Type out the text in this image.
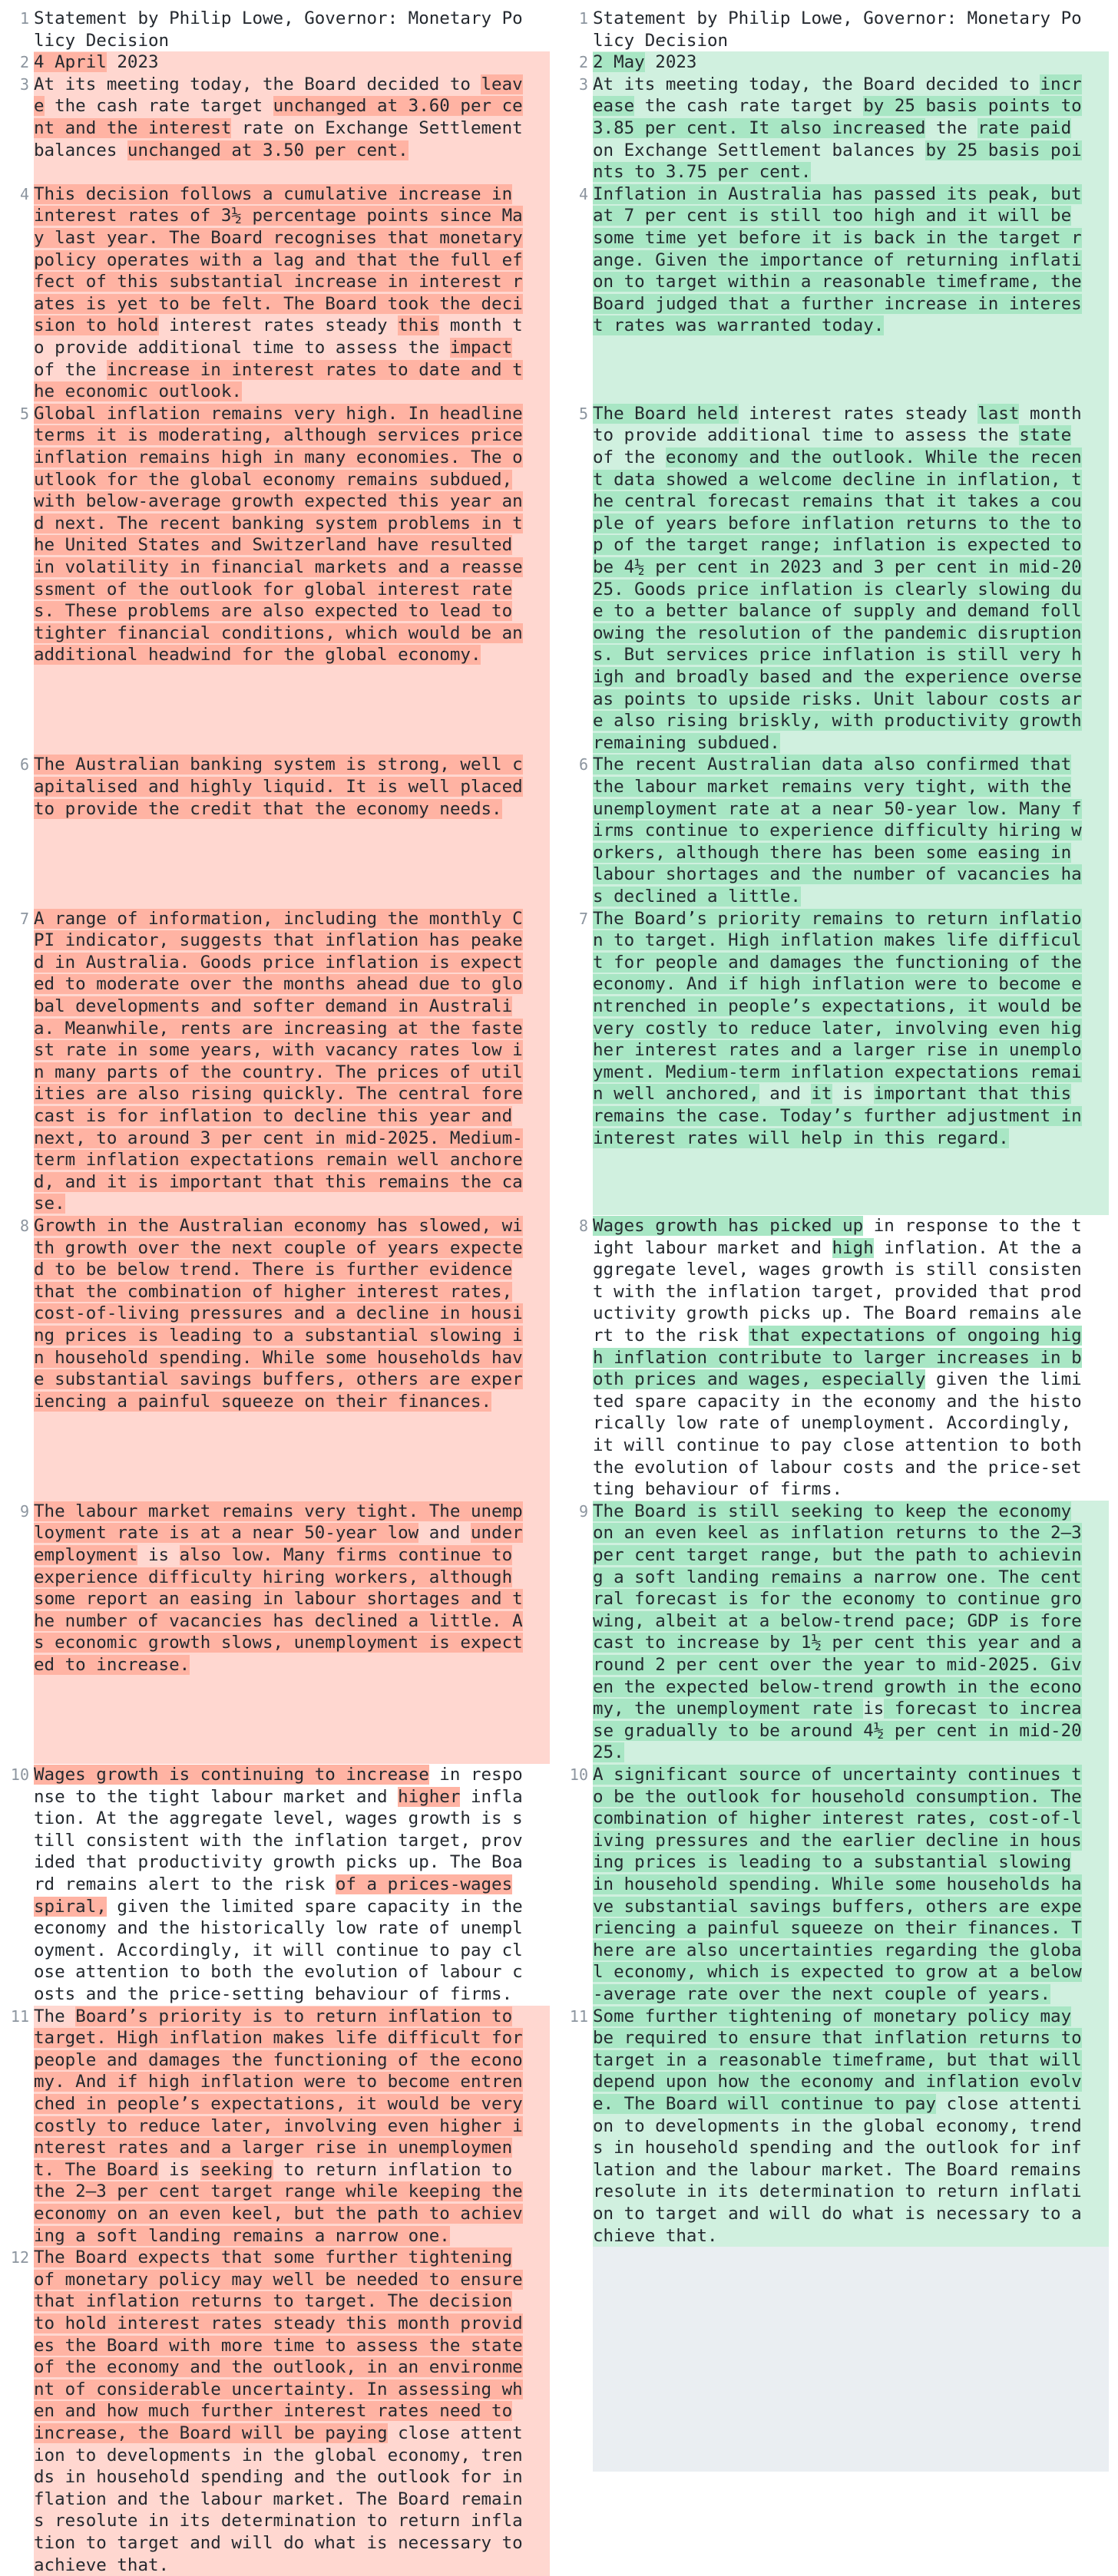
1 Statement by Philip Lowe, Governor: Monetary Po
licy Decision
2 4 April 2023
3 At its meeting today, the Board decided to leav
e the cash rate target unchanged at 3.60 per ce
nt and the interest rate on Exchange Settlement
balances unchanged at 3.50 per cent.
4 This decision follows a cumulative increase in
interest rates of 3½ percentage points since Ma
y last year. The Board recognises that monetary
policy operates with a lag and that the full ef
fect of this substantial increase in interest r
ates is yet to be felt. The Board took the deci
sion to hold interest rates steady this month t
o provide additional time to assess the impact
of the increase in interest rates to date and t
he economic outlook.
5 Global inflation remains very high. In headline
terms it is moderating, although services price
inflation remains high in many economies. The o
utlook for the global economy remains subdued,
with below-average growth expected this year an
d next. The recent banking system problems in t
he United States and Switzerland have resulted
in volatility in financial markets and a reasse
ssment of the outlook for global interest rate
s. These problems are also expected to lead to
tighter financial conditions, which would be an
additional headwind for the global economy.
6 The Australian banking system is strong, well c
apitalised and highly liquid. It is well placed
to provide the credit that the economy needs.
7 A range of information, including the monthly C
PI indicator, suggests that inflation has peake
d in Australia. Goods price inflation is expect
ed to moderate over the months ahead due to glo
bal developments and softer demand in Australi
a. Meanwhile, rents are increasing at the faste
st rate in some years, with vacancy rates low i
n many parts of the country. The prices of util
ities are also rising quickly. The central fore
cast is for inflation to decline this year and
next, to around 3 per cent in mid-2025. Medium-
term inflation expectations remain well anchore
d, and it is important that this remains the ca
se.
8 Growth in the Australian economy has slowed, wi
th growth over the next couple of years expecte
d to be below trend. There is further evidence
that the combination of higher interest rates,
cost-of-living pressures and a decline in housi
ng prices is leading to a substantial slowing i
n household spending. While some households hav
e substantial savings buffers, others are exper
iencing a painful squeeze on their finances.
9 The labour market remains very tight. The unemp
loyment rate is at a near 50-year low and under
employment is also low. Many firms continue to
experience difficulty hiring workers, although
some report an easing in labour shortages and t
he number of vacancies has declined a little. A
s economic growth slows, unemployment is expect
ed to increase.
10 Wages growth is continuing to increase in respo
nse to the tight labour market and higher infla
tion. At the aggregate level, wages growth is s
till consistent with the inflation target, prov
ided that productivity growth picks up. The Boa
rd remains alert to the risk of a prices-wages
spiral, given the limited spare capacity in the
economy and the historically low rate of unempl
oyment. Accordingly, it will continue to pay cl
ose attention to both the evolution of labour c
osts and the price-setting behaviour of firms.
11 The Board’s priority is to return inflation to
target. High inflation makes life difficult for
people and damages the functioning of the econo
my. And if high inflation were to become entren
ched in people’s expectations, it would be very
costly to reduce later, involving even higher i
nterest rates and a larger rise in unemploymen
t. The Board is seeking to return inflation to
the 2–3 per cent target range while keeping the
economy on an even keel, but the path to achiev
ing a soft landing remains a narrow one.
12 The Board expects that some further tightening
of monetary policy may well be needed to ensure
that inflation returns to target. The decision
to hold interest rates steady this month provid
es the Board with more time to assess the state
of the economy and the outlook, in an environme
nt of considerable uncertainty. In assessing wh
en and how much further interest rates need to
increase, the Board will be paying close attent
ion to developments in the global economy, tren
ds in household spending and the outlook for in
flation and the labour market. The Board remain
s resolute in its determination to return infla
tion to target and will do what is necessary to
achieve that.
1 Statement by Philip Lowe, Governor: Monetary Po
licy Decision
2 2 May 2023
3 At its meeting today, the Board decided to incr
ease the cash rate target by 25 basis points to
3.85 per cent. It also increased the rate paid
on Exchange Settlement balances by 25 basis poi
nts to 3.75 per cent.
4 Inflation in Australia has passed its peak, but
at 7 per cent is still too high and it will be
some time yet before it is back in the target r
ange. Given the importance of returning inflati
on to target within a reasonable timeframe, the
Board judged that a further increase in interes
t rates was warranted today.
5 The Board held interest rates steady last month
to provide additional time to assess the state
of the economy and the outlook. While the recen
t data showed a welcome decline in inflation, t
he central forecast remains that it takes a cou
ple of years before inflation returns to the to
p of the target range; inflation is expected to
be 4½ per cent in 2023 and 3 per cent in mid-20
25. Goods price inflation is clearly slowing du
e to a better balance of supply and demand foll
owing the resolution of the pandemic disruption
s. But services price inflation is still very h
igh and broadly based and the experience overse
as points to upside risks. Unit labour costs ar
e also rising briskly, with productivity growth
remaining subdued.
6 The recent Australian data also confirmed that
the labour market remains very tight, with the
unemployment rate at a near 50-year low. Many f
irms continue to experience difficulty hiring w
orkers, although there has been some easing in
labour shortages and the number of vacancies ha
s declined a little.
7 The Board’s priority remains to return inflatio
n to target. High inflation makes life difficul
t for people and damages the functioning of the
economy. And if high inflation were to become e
ntrenched in people’s expectations, it would be
very costly to reduce later, involving even hig
her interest rates and a larger rise in unemplo
yment. Medium-term inflation expectations remai
n well anchored, and it is important that this
remains the case. Today’s further adjustment in
interest rates will help in this regard.
8 Wages growth has picked up in response to the t
ight labour market and high inflation. At the a
ggregate level, wages growth is still consisten
t with the inflation target, provided that prod
uctivity growth picks up. The Board remains ale
rt to the risk that expectations of ongoing hig
h inflation contribute to larger increases in b
oth prices and wages, especially given the limi
ted spare capacity in the economy and the histo
rically low rate of unemployment. Accordingly,
it will continue to pay close attention to both
the evolution of labour costs and the price-set
ting behaviour of firms.
9 The Board is still seeking to keep the economy
on an even keel as inflation returns to the 2–3
per cent target range, but the path to achievin
g a soft landing remains a narrow one. The cent
ral forecast is for the economy to continue gro
wing, albeit at a below-trend pace; GDP is fore
cast to increase by 1½ per cent this year and a
round 2 per cent over the year to mid-2025. Giv
en the expected below-trend growth in the econo
my, the unemployment rate is forecast to increa
se gradually to be around 4½ per cent in mid-20
25.
10 A significant source of uncertainty continues t
o be the outlook for household consumption. The
combination of higher interest rates, cost-of-l
iving pressures and the earlier decline in hous
ing prices is leading to a substantial slowing
in household spending. While some households ha
ve substantial savings buffers, others are expe
riencing a painful squeeze on their finances. T
here are also uncertainties regarding the globa
l economy, which is expected to grow at a below
-average rate over the next couple of years.
11 Some further tightening of monetary policy may
be required to ensure that inflation returns to
target in a reasonable timeframe, but that will
depend upon how the economy and inflation evolv
e. The Board will continue to pay close attenti
on to developments in the global economy, trend
s in household spending and the outlook for inf
lation and the labour market. The Board remains
resolute in its determination to return inflati
on to target and will do what is necessary to a
chieve that.
